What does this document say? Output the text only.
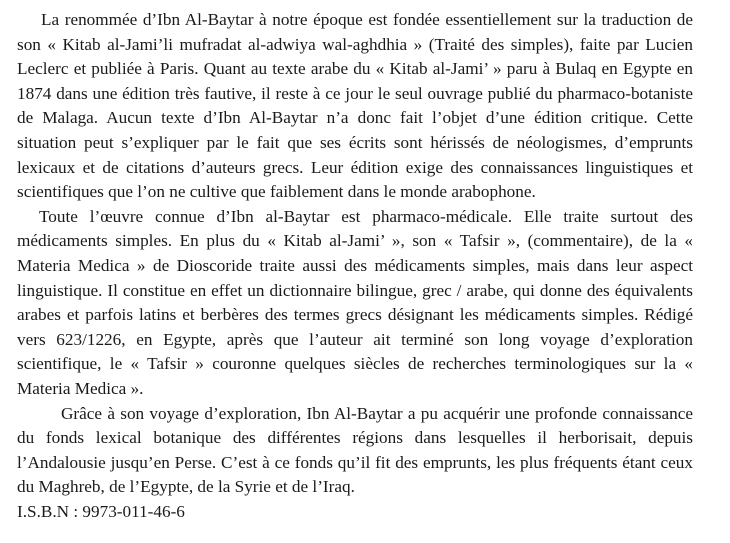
La renommée d’Ibn Al-Baytar à notre époque est fondée essentiellement sur la traduction de son « Kitab al-Jami’li mufradat al-adwiya wal-aghdhia » (Traité des simples), faite par Lucien Leclerc et publiée à Paris. Quant au texte arabe du « Kitab al-Jami’ » paru à Bulaq en Egypte en 1874 dans une édition très fautive, il reste à ce jour le seul ouvrage publié du pharmaco-botaniste de Malaga. Aucun texte d’Ibn Al-Baytar n’a donc fait l’objet d’une édition critique. Cette situation peut s’expliquer par le fait que ses écrits sont hérissés de néologismes, d’emprunts lexicaux et de citations d’auteurs grecs. Leur édition exige des connaissances linguistiques et scientifiques que l’on ne cultive que faiblement dans le monde arabophone.

Toute l’œuvre connue d’Ibn al-Baytar est pharmaco-médicale. Elle traite surtout des médicaments simples. En plus du « Kitab al-Jami’ », son « Tafsir », (commentaire), de la « Materia Medica » de Dioscoride traite aussi des médicaments simples, mais dans leur aspect linguistique. Il constitue en effet un dictionnaire bilingue, grec / arabe, qui donne des équivalents arabes et parfois latins et berbères des termes grecs désignant les médicaments simples. Rédigé vers 623/1226, en Egypte, après que l’auteur ait terminé son long voyage d’exploration scientifique, le « Tafsir » couronne quelques siècles de recherches terminologiques sur la « Materia Medica ».

Grâce à son voyage d’exploration, Ibn Al-Baytar a pu acquérir une profonde connaissance du fonds lexical botanique des différentes régions dans lesquelles il herborisait, depuis l’Andalousie jusqu’en Perse. C’est à ce fonds qu’il fit des emprunts, les plus fréquents étant ceux du Maghreb, de l’Egypte, de la Syrie et de l’Iraq.

I.S.B.N : 9973-011-46-6
